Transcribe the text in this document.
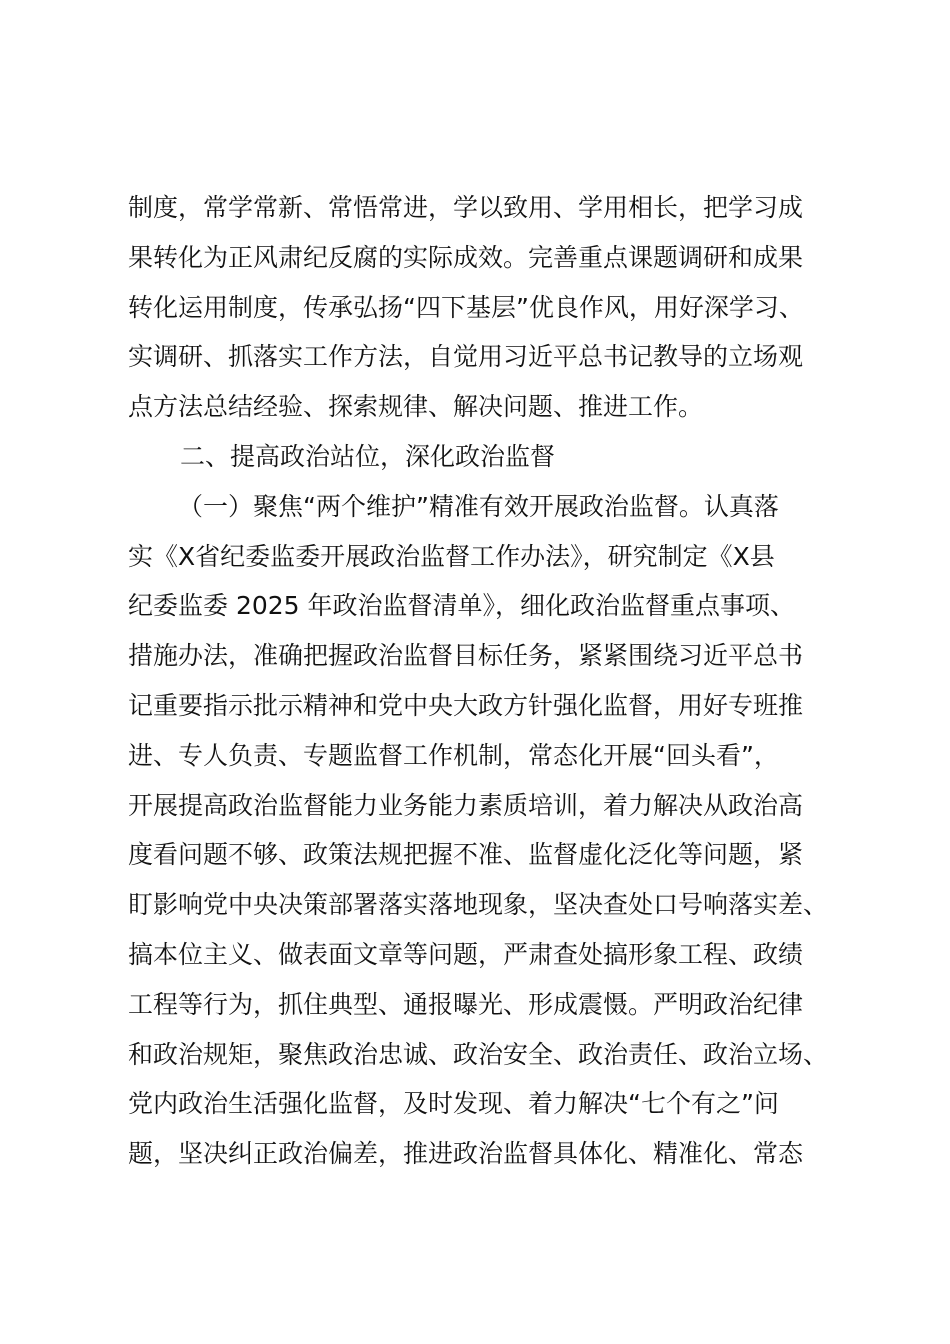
制度，常学常新、常悟常进，学以致用、学用相长，把学习成
果转化为正风肃纪反腐的实际成效。完善重点课题调研和成果
转化运用制度，传承弘扬“四下基层”优良作风，用好深学习、
实调研、抓落实工作方法，自觉用习近平总书记教导的立场观
点方法总结经验、探索规律、解决问题、推进工作。
二、提高政治站位，深化政治监督
（一）聚焦“两个维护”精准有效开展政治监督。认真落
实《X省纪委监委开展政治监督工作办法》，研究制定《X县
纪委监委 2025 年政治监督清单》，细化政治监督重点事项、
措施办法，准确把握政治监督目标任务，紧紧围绕习近平总书
记重要指示批示精神和党中央大政方针强化监督，用好专班推
进、专人负责、专题监督工作机制，常态化开展“回头看”，
开展提高政治监督能力业务能力素质培训，着力解决从政治高
度看问题不够、政策法规把握不准、监督虚化泛化等问题，紧
盯影响党中央决策部署落实落地现象，坚决查处口号响落实差、
搞本位主义、做表面文章等问题，严肃查处搞形象工程、政绩
工程等行为，抓住典型、通报曝光、形成震慑。严明政治纪律
和政治规矩，聚焦政治忠诚、政治安全、政治责任、政治立场、
党内政治生活强化监督，及时发现、着力解决“七个有之”问
题，坚决纠正政治偏差，推进政治监督具体化、精准化、常态
